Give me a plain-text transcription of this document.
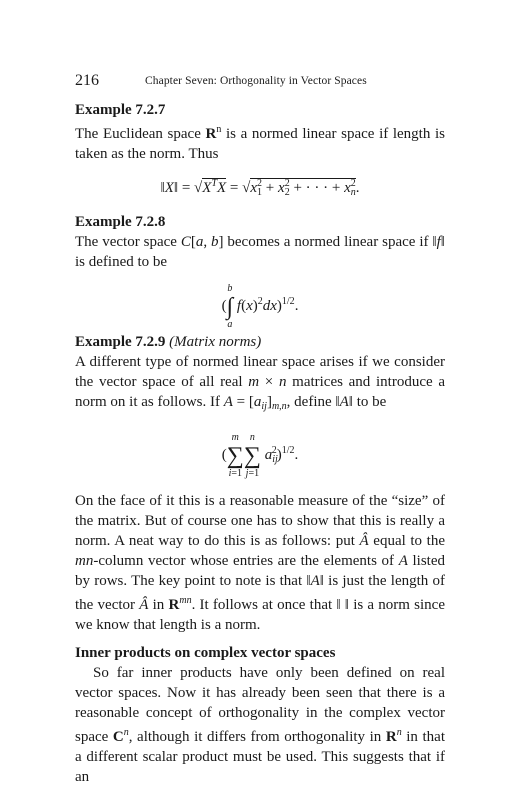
216	Chapter Seven: Orthogonality in Vector Spaces
Example 7.2.7

The Euclidean space $R^n$ is a normed linear space if length is taken as the norm. Thus

‖X‖ = $√X^TX = √x_1^2 + x_2^2$ + · · · + $x_n^2$.
Example 7.2.8

The vector space C[a, b] becomes a normed linear space if ‖f‖ is defined to be

(b
∫
a $f(x)^2dx)^{1/2}$.
Example 7.2.9 (Matrix norms)

A different type of normed linear space arises if we consider the vector space of all real m × n matrices and introduce a norm on it as follows. If $A = [a_{ij}]_{m,n}$, define ‖A‖ to be

(m
∑
i=1n
∑
j=1 $a_{ij}^2)^{1/2}$.

On the face of it this is a reasonable measure of the “size” of the matrix. But of course one has to show that this is really a norm. A neat way to do this is as follows: put Â equal to the mn-column vector whose entries are the elements of A listed by rows. The key point to note is that ‖A‖ is just the length of the vector Â in $R^{mn}$. It follows at once that ‖ ‖ is a norm since we know that length is a norm.

Inner products on complex vector spaces

So far inner products have only been defined on real vector spaces. Now it has already been seen that there is a reasonable concept of orthogonality in the complex vector space $C^n$, although it differs from orthogonality in $R^n$ in that a different scalar product must be used. This suggests that if an
